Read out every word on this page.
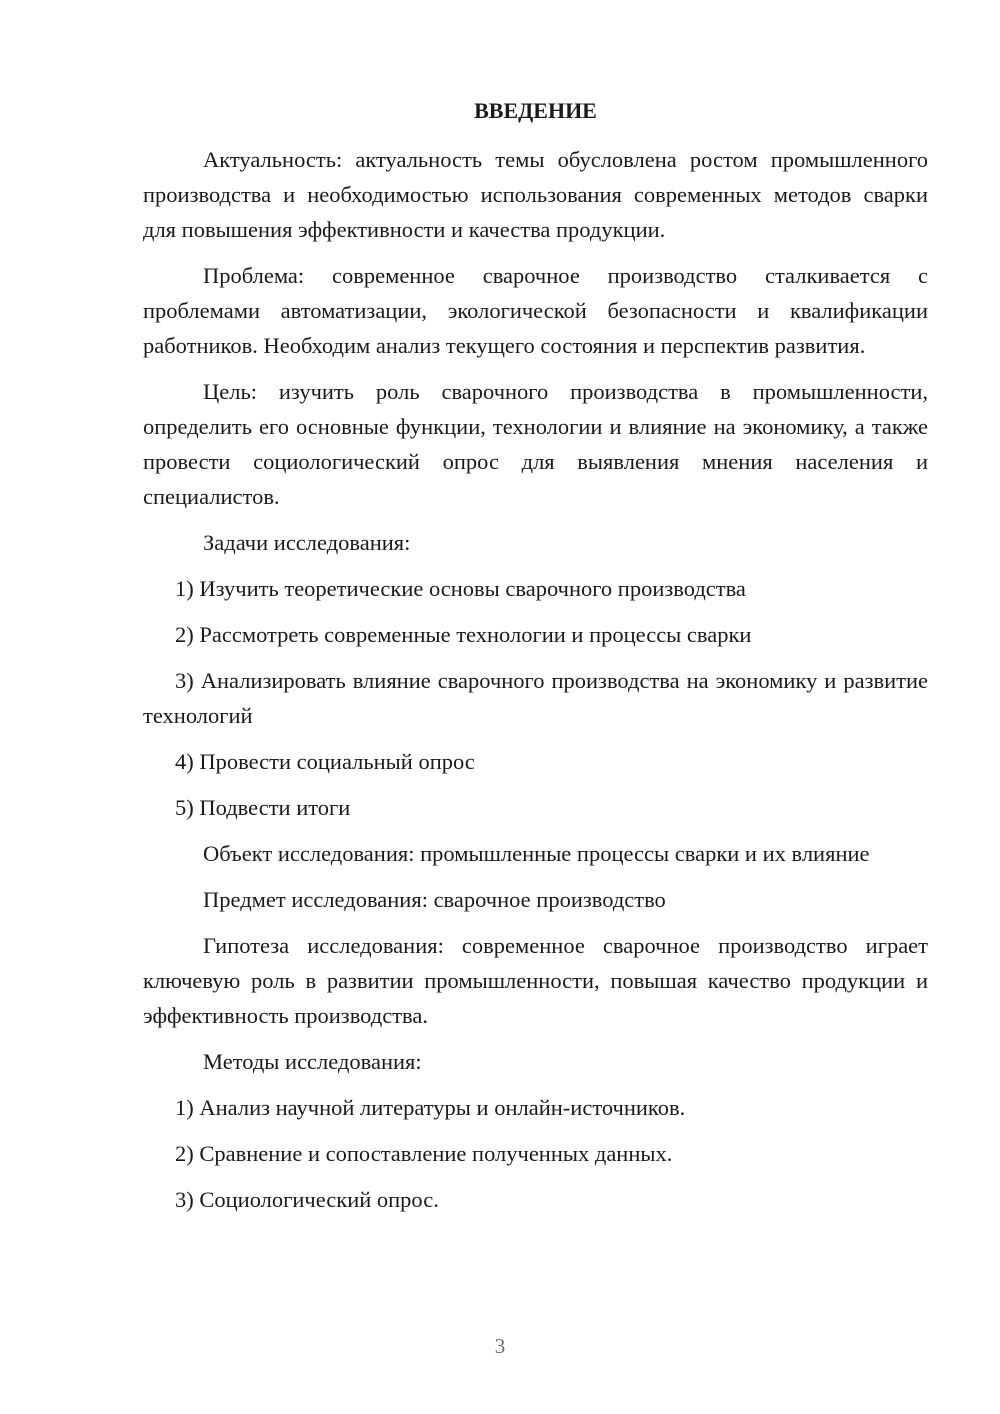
ВВЕДЕНИЕ
Актуальность: актуальность темы обусловлена ростом промышленного производства и необходимостью использования современных методов сварки для повышения эффективности и качества продукции.
Проблема: современное сварочное производство сталкивается с проблемами автоматизации, экологической безопасности и квалификации работников. Необходим анализ текущего состояния и перспектив развития.
Цель: изучить роль сварочного производства в промышленности, определить его основные функции, технологии и влияние на экономику, а также провести социологический опрос для выявления мнения населения и специалистов.
Задачи исследования:
1) Изучить теоретические основы сварочного производства
2) Рассмотреть современные технологии и процессы сварки
3) Анализировать влияние сварочного производства на экономику и развитие технологий
4) Провести социальный опрос
5) Подвести итоги
Объект исследования: промышленные процессы сварки и их влияние
Предмет исследования: сварочное производство
Гипотеза исследования: современное сварочное производство играет ключевую роль в развитии промышленности, повышая качество продукции и эффективность производства.
Методы исследования:
1) Анализ научной литературы и онлайн-источников.
2) Сравнение и сопоставление полученных данных.
3) Социологический опрос.
3
